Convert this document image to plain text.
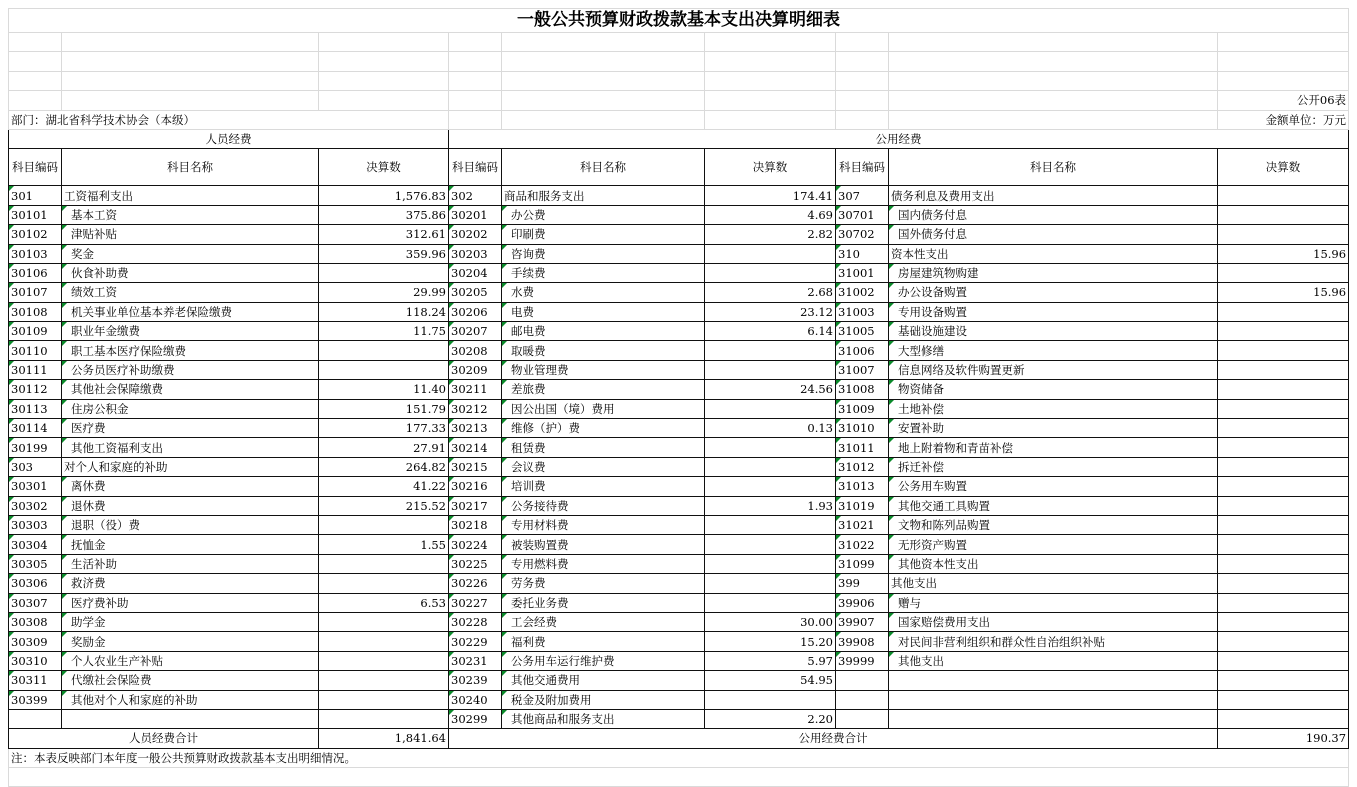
一般公共预算财政拨款基本支出决算明细表								

								公开06表
部门：湖北省科学技术协会（本级）								金额单位：万元
人员经费			公用经费					
科目编码	科目名称	决算数	科目编码	科目名称	决算数	科目编码	科目名称	决算数
301	工资福利支出	1,576.83	302	商品和服务支出	174.41	307	债务利息及费用支出	
30101	基本工资	375.86	30201	办公费	4.69	30701	国内债务付息	
30102	津贴补贴	312.61	30202	印刷费	2.82	30702	国外债务付息	
30103	奖金	359.96	30203	咨询费		310	资本性支出	15.96
30106	伙食补助费		30204	手续费		31001	房屋建筑物购建	
30107	绩效工资	29.99	30205	水费	2.68	31002	办公设备购置	15.96
30108	机关事业单位基本养老保险缴费	118.24	30206	电费	23.12	31003	专用设备购置	
30109	职业年金缴费	11.75	30207	邮电费	6.14	31005	基础设施建设	
30110	职工基本医疗保险缴费		30208	取暖费		31006	大型修缮	
30111	公务员医疗补助缴费		30209	物业管理费		31007	信息网络及软件购置更新	
30112	其他社会保障缴费	11.40	30211	差旅费	24.56	31008	物资储备	
30113	住房公积金	151.79	30212	因公出国（境）费用		31009	土地补偿	
30114	医疗费	177.33	30213	维修（护）费	0.13	31010	安置补助	
30199	其他工资福利支出	27.91	30214	租赁费		31011	地上附着物和青苗补偿	
303	对个人和家庭的补助	264.82	30215	会议费		31012	拆迁补偿	
30301	离休费	41.22	30216	培训费		31013	公务用车购置	
30302	退休费	215.52	30217	公务接待费	1.93	31019	其他交通工具购置	
30303	退职（役）费		30218	专用材料费		31021	文物和陈列品购置	
30304	抚恤金	1.55	30224	被装购置费		31022	无形资产购置	
30305	生活补助		30225	专用燃料费		31099	其他资本性支出	
30306	救济费		30226	劳务费		399	其他支出	
30307	医疗费补助	6.53	30227	委托业务费		39906	赠与	
30308	助学金		30228	工会经费	30.00	39907	国家赔偿费用支出	
30309	奖励金		30229	福利费	15.20	39908	对民间非营利组织和群众性自治组织补贴	
30310	个人农业生产补贴		30231	公务用车运行维护费	5.97	39999	其他支出	
30311	代缴社会保险费		30239	其他交通费用	54.95			
30399	其他对个人和家庭的补助		30240	税金及附加费用				
			30299	其他商品和服务支出	2.20			
人员经费合计		1,841.64	公用经费合计					190.37
注：本表反映部门本年度一般公共预算财政拨款基本支出明细情况。								
